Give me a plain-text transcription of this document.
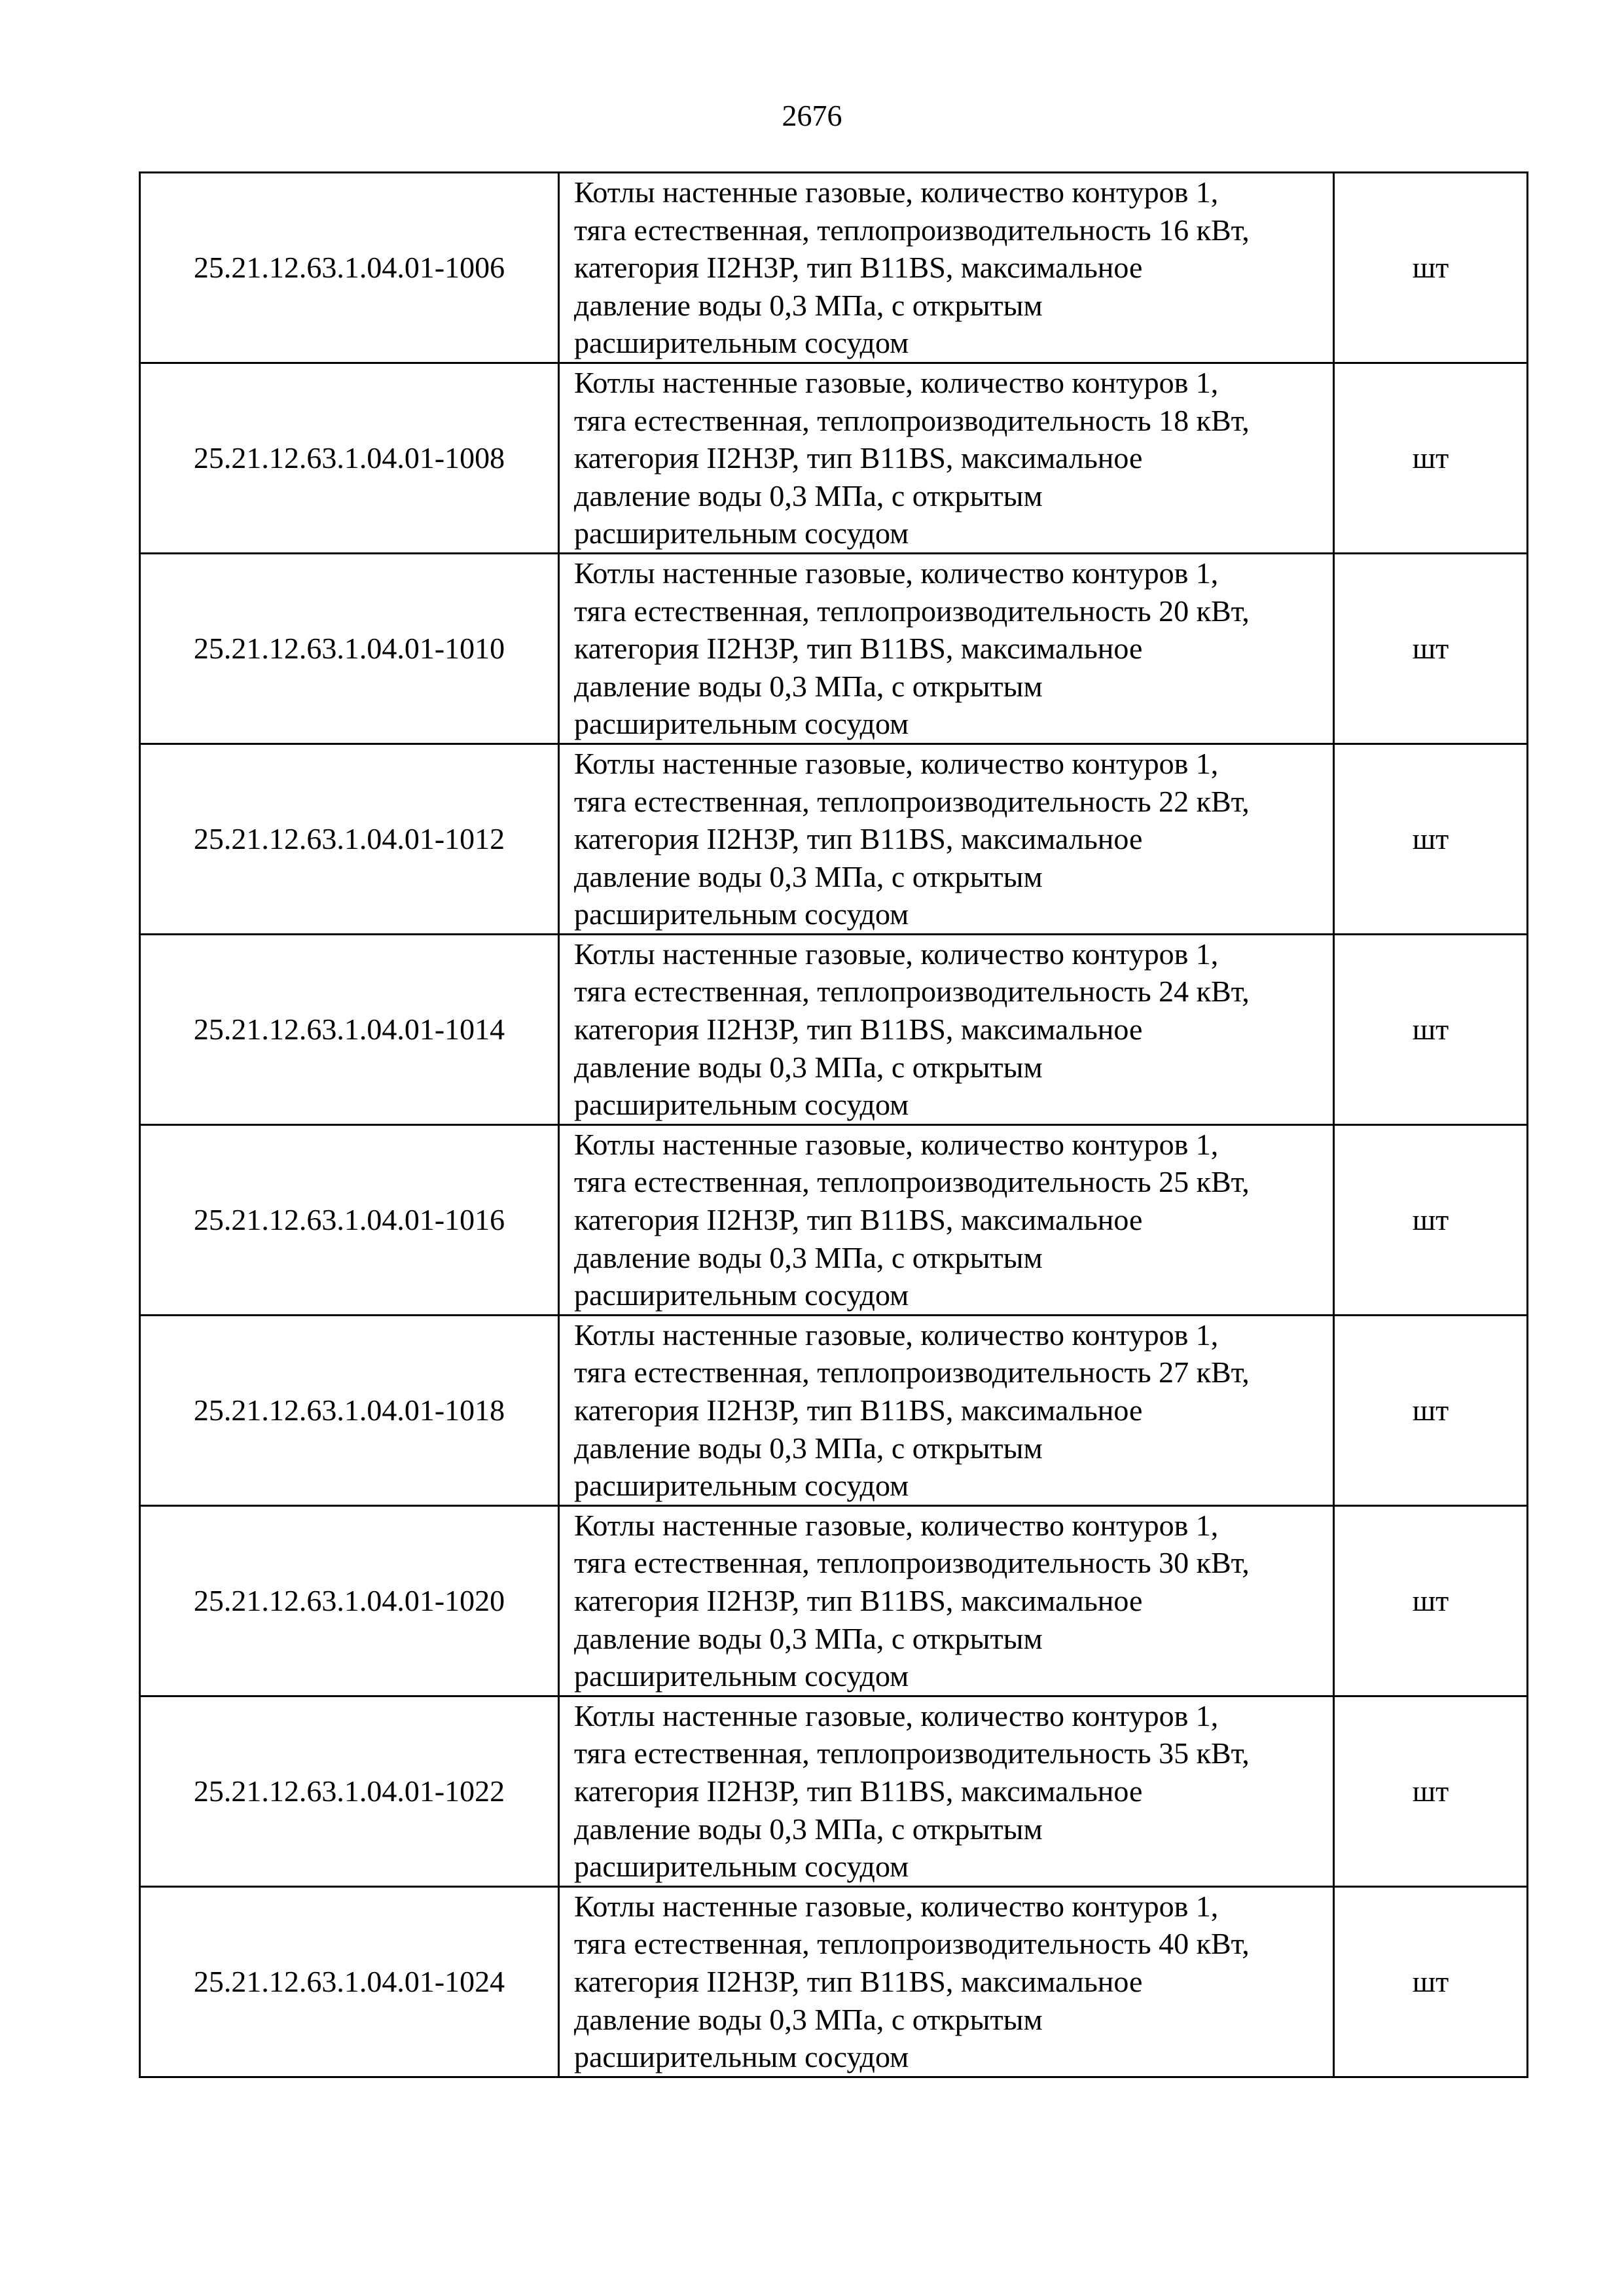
2676
25.21.12.63.1.04.01-1006	Котлы настенные газовые, количество контуров 1,
тяга естественная, теплопроизводительность 16 кВт,
категория II2H3P, тип B11BS, максимальное
давление воды 0,3 МПа, с открытым
расширительным сосудом	шт
25.21.12.63.1.04.01-1008	Котлы настенные газовые, количество контуров 1,
тяга естественная, теплопроизводительность 18 кВт,
категория II2H3P, тип B11BS, максимальное
давление воды 0,3 МПа, с открытым
расширительным сосудом	шт
25.21.12.63.1.04.01-1010	Котлы настенные газовые, количество контуров 1,
тяга естественная, теплопроизводительность 20 кВт,
категория II2H3P, тип B11BS, максимальное
давление воды 0,3 МПа, с открытым
расширительным сосудом	шт
25.21.12.63.1.04.01-1012	Котлы настенные газовые, количество контуров 1,
тяга естественная, теплопроизводительность 22 кВт,
категория II2H3P, тип B11BS, максимальное
давление воды 0,3 МПа, с открытым
расширительным сосудом	шт
25.21.12.63.1.04.01-1014	Котлы настенные газовые, количество контуров 1,
тяга естественная, теплопроизводительность 24 кВт,
категория II2H3P, тип B11BS, максимальное
давление воды 0,3 МПа, с открытым
расширительным сосудом	шт
25.21.12.63.1.04.01-1016	Котлы настенные газовые, количество контуров 1,
тяга естественная, теплопроизводительность 25 кВт,
категория II2H3P, тип B11BS, максимальное
давление воды 0,3 МПа, с открытым
расширительным сосудом	шт
25.21.12.63.1.04.01-1018	Котлы настенные газовые, количество контуров 1,
тяга естественная, теплопроизводительность 27 кВт,
категория II2H3P, тип B11BS, максимальное
давление воды 0,3 МПа, с открытым
расширительным сосудом	шт
25.21.12.63.1.04.01-1020	Котлы настенные газовые, количество контуров 1,
тяга естественная, теплопроизводительность 30 кВт,
категория II2H3P, тип B11BS, максимальное
давление воды 0,3 МПа, с открытым
расширительным сосудом	шт
25.21.12.63.1.04.01-1022	Котлы настенные газовые, количество контуров 1,
тяга естественная, теплопроизводительность 35 кВт,
категория II2H3P, тип B11BS, максимальное
давление воды 0,3 МПа, с открытым
расширительным сосудом	шт
25.21.12.63.1.04.01-1024	Котлы настенные газовые, количество контуров 1,
тяга естественная, теплопроизводительность 40 кВт,
категория II2H3P, тип B11BS, максимальное
давление воды 0,3 МПа, с открытым
расширительным сосудом	шт
